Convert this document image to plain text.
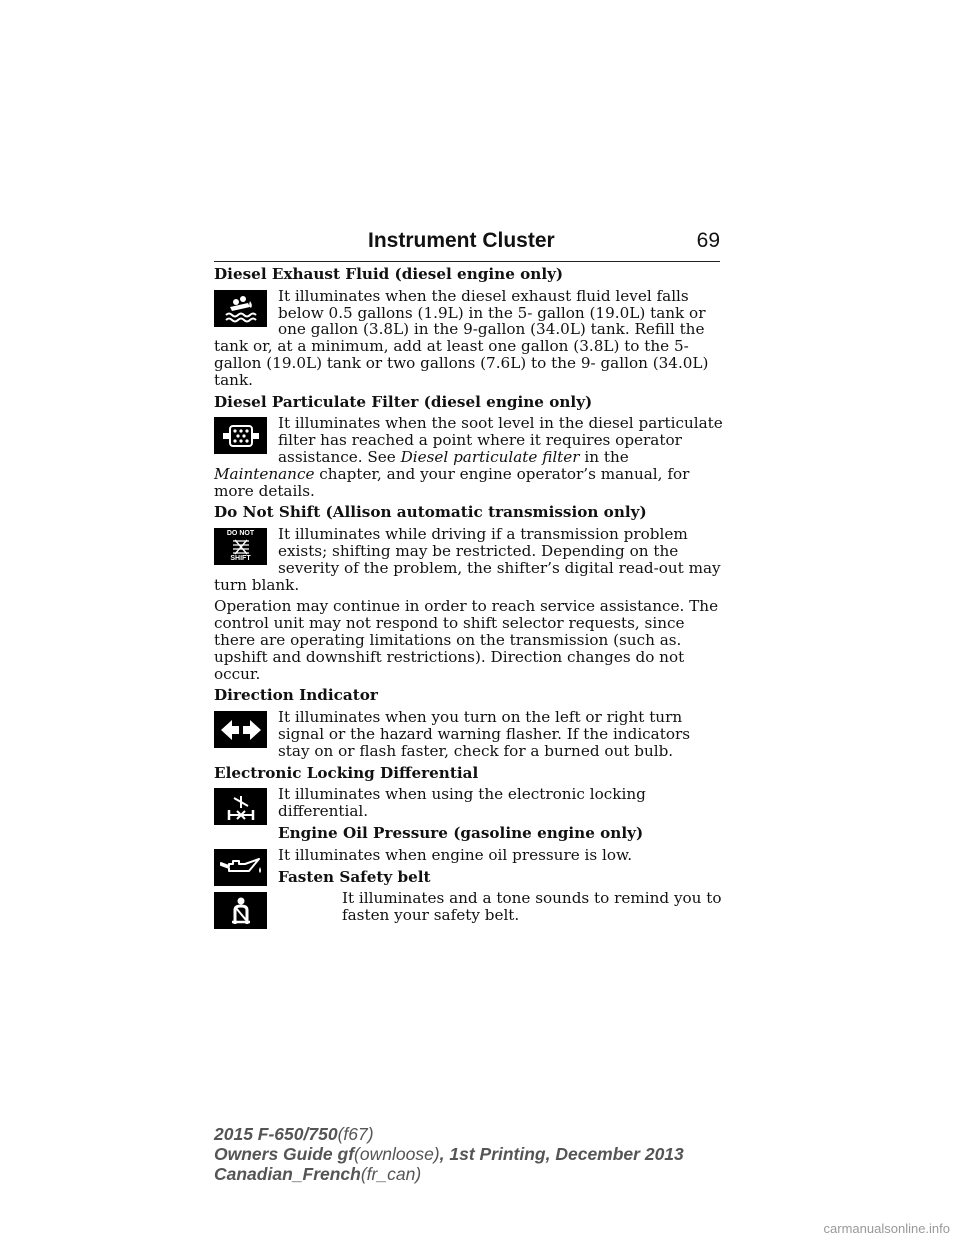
Instrument Cluster	69
Diesel Exhaust Fluid (diesel engine only)
It illuminates when the diesel exhaust fluid level falls below 0.5 gallons (1.9L) in the 5- gallon (19.0L) tank or one gallon (3.8L) in the 9-gallon (34.0L) tank. Refill the tank or, at a minimum, add at least one gallon (3.8L) to the 5- gallon (19.0L) tank or two gallons (7.6L) to the 9- gallon (34.0L) tank.
Diesel Particulate Filter (diesel engine only)
It illuminates when the soot level in the diesel particulate filter has reached a point where it requires operator assistance. See Diesel particulate filter in the Maintenance chapter, and your engine operator’s manual, for more details.
Do Not Shift (Allison automatic transmission only)
DO NOT
SHIFT
It illuminates while driving if a transmission problem exists; shifting may be restricted. Depending on the severity of the problem, the shifter’s digital read-out may turn blank.
Operation may continue in order to reach service assistance. The control unit may not respond to shift selector requests, since there are operating limitations on the transmission (such as. upshift and downshift restrictions). Direction changes do not occur.
Direction Indicator
It illuminates when you turn on the left or right turn signal or the hazard warning flasher. If the indicators stay on or flash faster, check for a burned out bulb.
Electronic Locking Differential
It illuminates when using the electronic locking differential.
Engine Oil Pressure (gasoline engine only)
It illuminates when engine oil pressure is low.
Fasten Safety belt
It illuminates and a tone sounds to remind you to fasten your safety belt.
2015 F-650/750(f67)
Owners Guide gf(ownloose), 1st Printing, December 2013
Canadian_French(fr_can)
carmanualsonline.info
